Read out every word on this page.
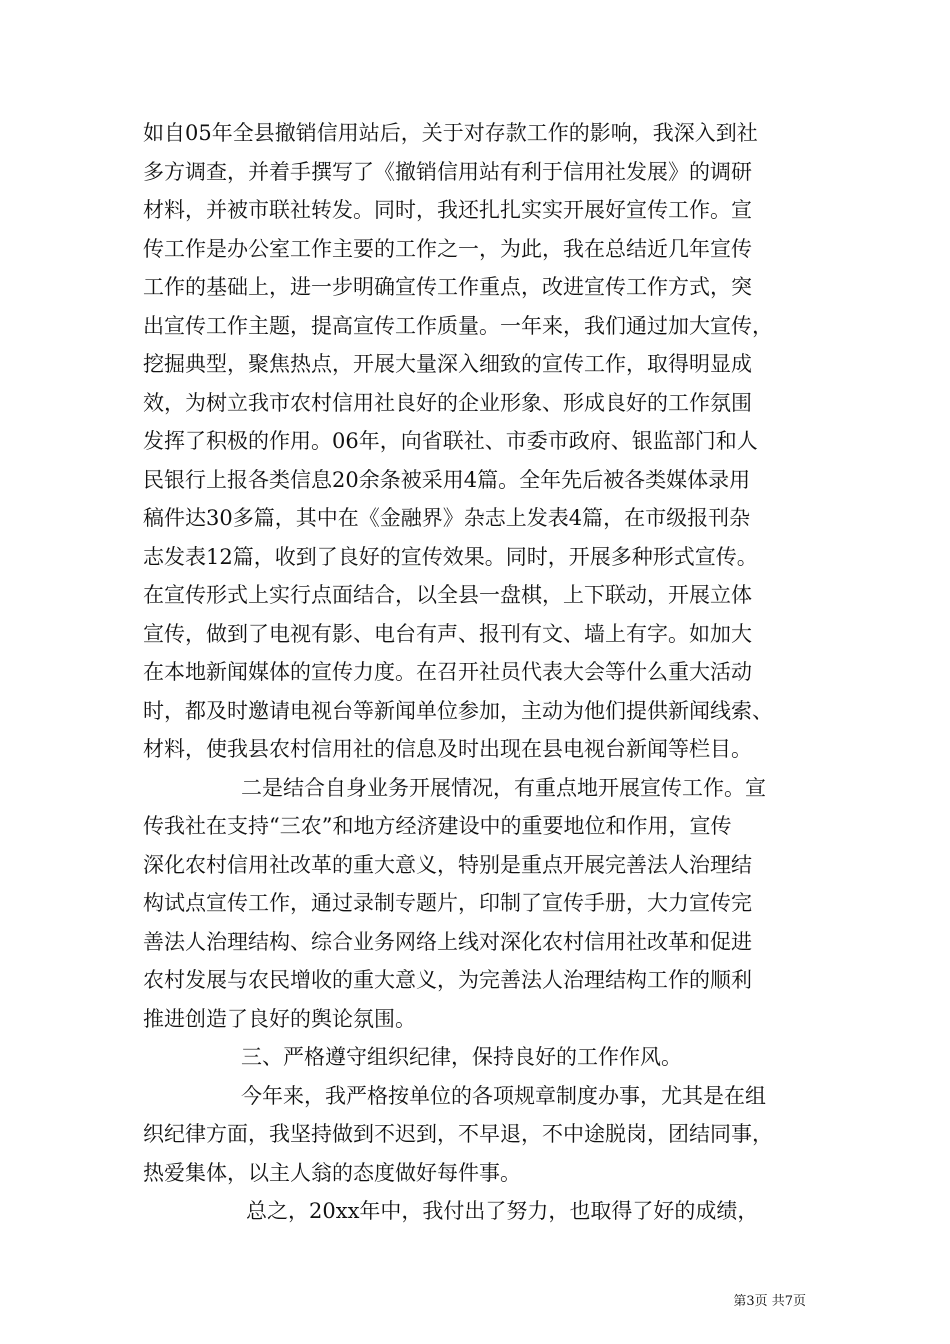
如自05年全县撤销信用站后，关于对存款工作的影响，我深入到社
多方调查，并着手撰写了《撤销信用站有利于信用社发展》的调研
材料，并被市联社转发。同时，我还扎扎实实开展好宣传工作。宣
传工作是办公室工作主要的工作之一，为此，我在总结近几年宣传
工作的基础上，进一步明确宣传工作重点，改进宣传工作方式，突
出宣传工作主题，提高宣传工作质量。一年来，我们通过加大宣传，
挖掘典型，聚焦热点，开展大量深入细致的宣传工作，取得明显成
效，为树立我市农村信用社良好的企业形象、形成良好的工作氛围
发挥了积极的作用。06年，向省联社、市委市政府、银监部门和人
民银行上报各类信息20余条被采用4篇。全年先后被各类媒体录用
稿件达30多篇，其中在《金融界》杂志上发表4篇，在市级报刊杂
志发表12篇，收到了良好的宣传效果。同时，开展多种形式宣传。
在宣传形式上实行点面结合，以全县一盘棋，上下联动，开展立体
宣传，做到了电视有影、电台有声、报刊有文、墙上有字。如加大
在本地新闻媒体的宣传力度。在召开社员代表大会等什么重大活动
时，都及时邀请电视台等新闻单位参加，主动为他们提供新闻线索、
材料，使我县农村信用社的信息及时出现在县电视台新闻等栏目。
二是结合自身业务开展情况，有重点地开展宣传工作。宣
传我社在支持“三农”和地方经济建设中的重要地位和作用，宣传
深化农村信用社改革的重大意义，特别是重点开展完善法人治理结
构试点宣传工作，通过录制专题片，印制了宣传手册，大力宣传完
善法人治理结构、综合业务网络上线对深化农村信用社改革和促进
农村发展与农民增收的重大意义，为完善法人治理结构工作的顺利
推进创造了良好的舆论氛围。
三、严格遵守组织纪律，保持良好的工作作风。
今年来，我严格按单位的各项规章制度办事，尤其是在组
织纪律方面，我坚持做到不迟到，不早退，不中途脱岗，团结同事，
热爱集体，以主人翁的态度做好每件事。
总之，20xx年中，我付出了努力，也取得了好的成绩，
第3页 共7页
